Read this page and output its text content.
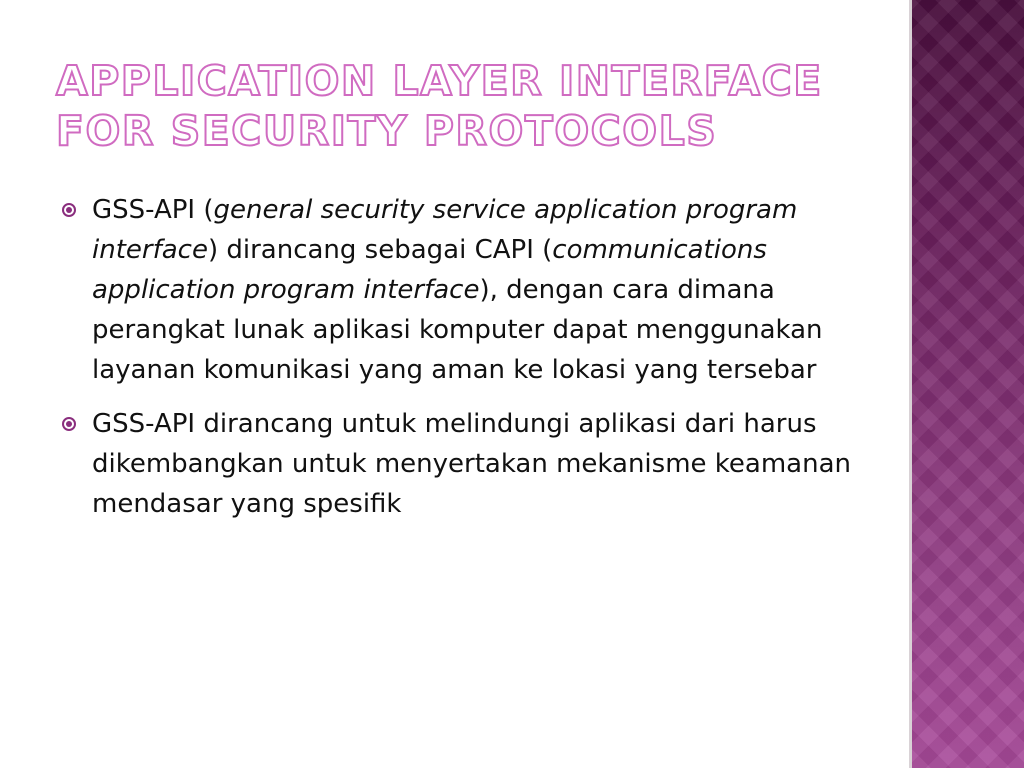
APPLICATION LAYER INTERFACE
FOR SECURITY PROTOCOLS
GSS-API (general security service application program interface) dirancang sebagai CAPI (communications application program interface), dengan cara dimana perangkat lunak aplikasi komputer dapat menggunakan layanan komunikasi yang aman ke lokasi yang tersebar
GSS-API dirancang untuk melindungi aplikasi dari harus dikembangkan untuk menyertakan mekanisme keamanan mendasar yang spesifik
